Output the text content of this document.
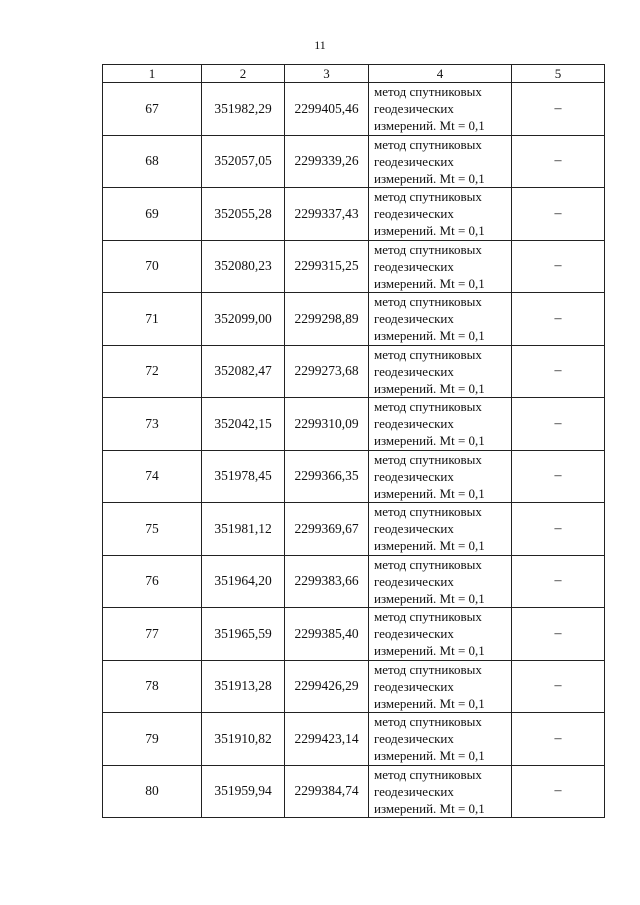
11
1	2	3	4	5
67	351982,29	2299405,46	метод спутниковых
геодезических
измерений. Mt = 0,1	–
68	352057,05	2299339,26	метод спутниковых
геодезических
измерений. Mt = 0,1	–
69	352055,28	2299337,43	метод спутниковых
геодезических
измерений. Mt = 0,1	–
70	352080,23	2299315,25	метод спутниковых
геодезических
измерений. Mt = 0,1	–
71	352099,00	2299298,89	метод спутниковых
геодезических
измерений. Mt = 0,1	–
72	352082,47	2299273,68	метод спутниковых
геодезических
измерений. Mt = 0,1	–
73	352042,15	2299310,09	метод спутниковых
геодезических
измерений. Mt = 0,1	–
74	351978,45	2299366,35	метод спутниковых
геодезических
измерений. Mt = 0,1	–
75	351981,12	2299369,67	метод спутниковых
геодезических
измерений. Mt = 0,1	–
76	351964,20	2299383,66	метод спутниковых
геодезических
измерений. Mt = 0,1	–
77	351965,59	2299385,40	метод спутниковых
геодезических
измерений. Mt = 0,1	–
78	351913,28	2299426,29	метод спутниковых
геодезических
измерений. Mt = 0,1	–
79	351910,82	2299423,14	метод спутниковых
геодезических
измерений. Mt = 0,1	–
80	351959,94	2299384,74	метод спутниковых
геодезических
измерений. Mt = 0,1	–
